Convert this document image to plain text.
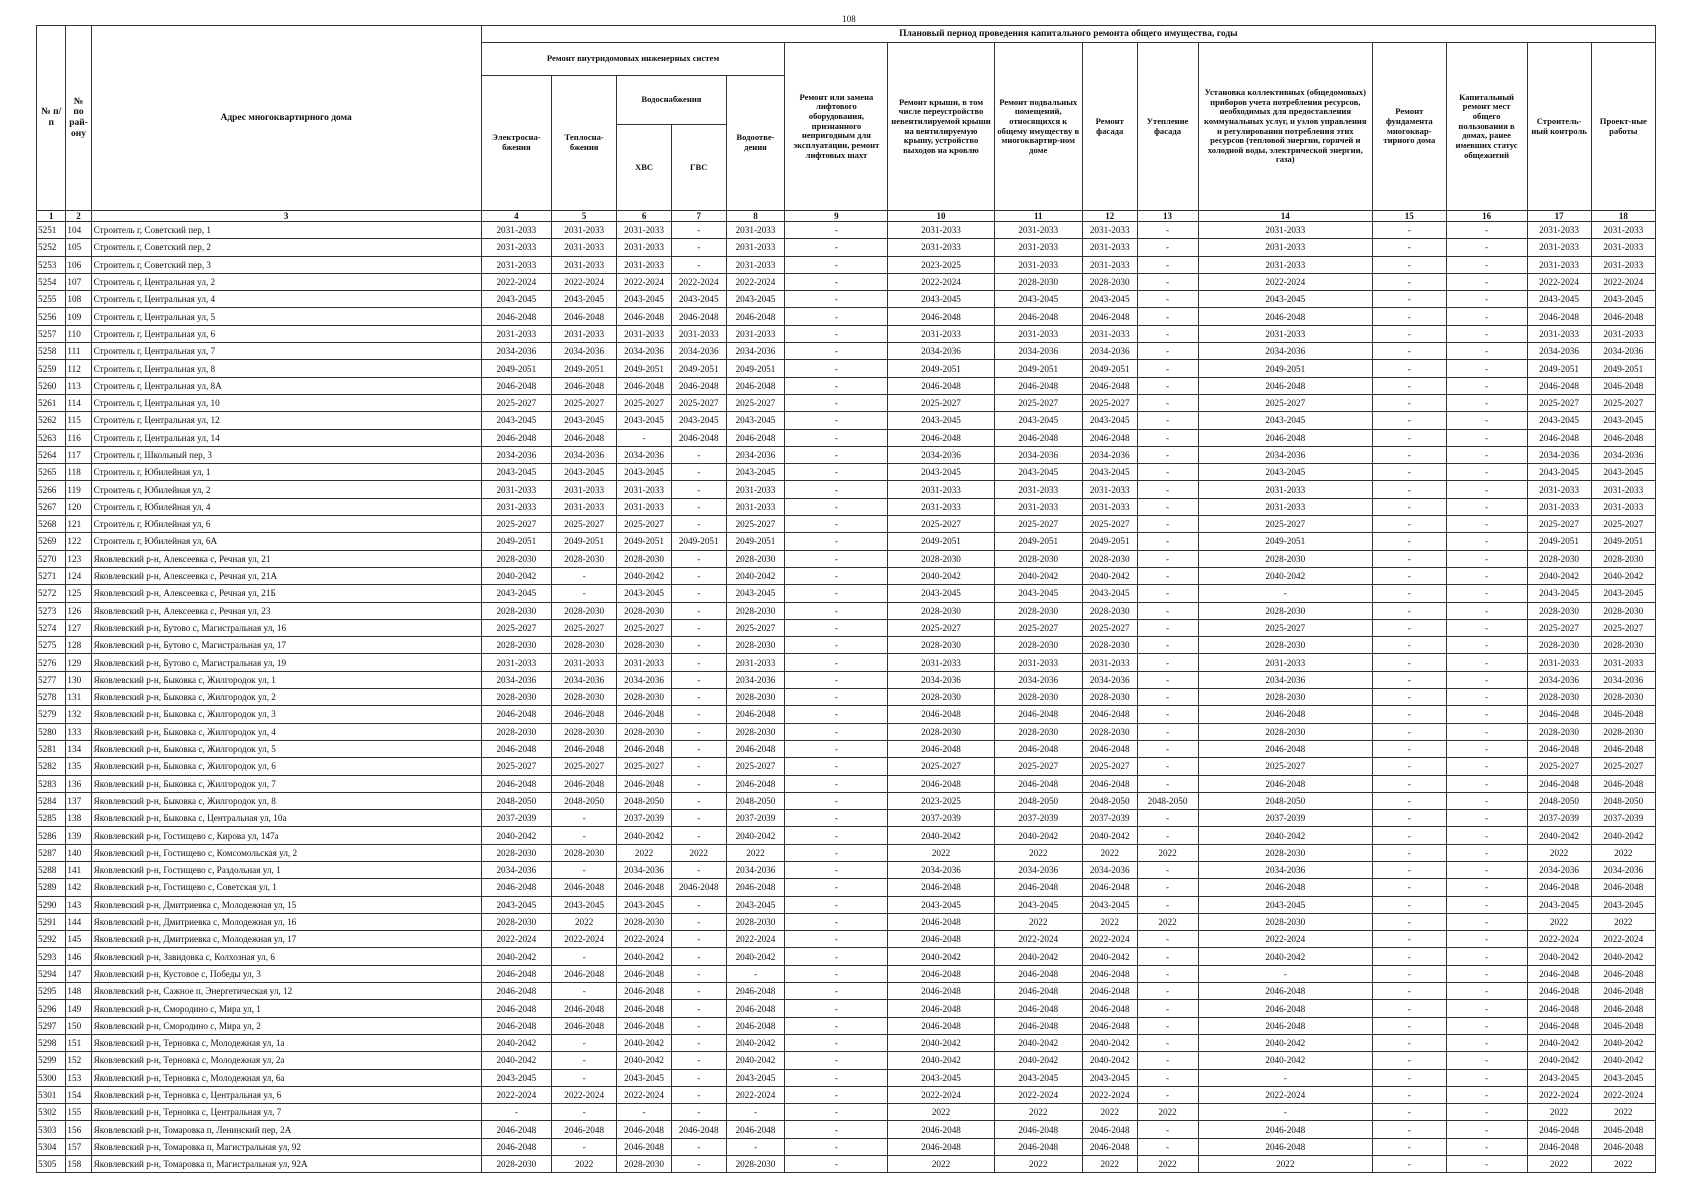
108
№ п/п	№ по рай-ону	Адрес многоквартирного дома	Плановый период проведения капитального ремонта общего имущества, годы														
			Ремонт внутридомовых инженерных систем					Ремонт или замена лифтового оборудования, признанного непригодным для эксплуатации, ремонт лифтовых шахт	Ремонт крыши, в том числе переустройство невентилируемой крыши на вентилируемую крышу, устройство выходов на кровлю	Ремонт подвальных помещений, относящихся к общему имуществу в многоквартир-ном доме	Ремонт фасада	Утепление фасада	Установка коллективных (общедомовых) приборов учета потребления ресурсов, необходимых для предоставления коммунальных услуг, и узлов управления и регулирования потребления этих ресурсов (тепловой энергии, горячей и холодной воды, электрической энергии, газа)	Ремонт фундамента многоквар-тирного дома	Капитальный ремонт мест общего пользования в домах, ранее имевших статус общежитий	Строитель-ный контроль	Проект-ные работы
			Электросна-бжения	Теплосна-бжения	Водоснабжения		Водоотве-дения										
					ХВС	ГВС											
1	2	3	4	5	6	7	8	9	10	11	12	13	14	15	16	17	18
5251	104	Строитель г, Советский пер, 1	2031-2033	2031-2033	2031-2033	-	2031-2033	-	2031-2033	2031-2033	2031-2033	-	2031-2033	-	-	2031-2033	2031-2033
5252	105	Строитель г, Советский пер, 2	2031-2033	2031-2033	2031-2033	-	2031-2033	-	2031-2033	2031-2033	2031-2033	-	2031-2033	-	-	2031-2033	2031-2033
5253	106	Строитель г, Советский пер, 3	2031-2033	2031-2033	2031-2033	-	2031-2033	-	2023-2025	2031-2033	2031-2033	-	2031-2033	-	-	2031-2033	2031-2033
5254	107	Строитель г, Центральная ул, 2	2022-2024	2022-2024	2022-2024	2022-2024	2022-2024	-	2022-2024	2028-2030	2028-2030	-	2022-2024	-	-	2022-2024	2022-2024
5255	108	Строитель г, Центральная ул, 4	2043-2045	2043-2045	2043-2045	2043-2045	2043-2045	-	2043-2045	2043-2045	2043-2045	-	2043-2045	-	-	2043-2045	2043-2045
5256	109	Строитель г, Центральная ул, 5	2046-2048	2046-2048	2046-2048	2046-2048	2046-2048	-	2046-2048	2046-2048	2046-2048	-	2046-2048	-	-	2046-2048	2046-2048
5257	110	Строитель г, Центральная ул, 6	2031-2033	2031-2033	2031-2033	2031-2033	2031-2033	-	2031-2033	2031-2033	2031-2033	-	2031-2033	-	-	2031-2033	2031-2033
5258	111	Строитель г, Центральная ул, 7	2034-2036	2034-2036	2034-2036	2034-2036	2034-2036	-	2034-2036	2034-2036	2034-2036	-	2034-2036	-	-	2034-2036	2034-2036
5259	112	Строитель г, Центральная ул, 8	2049-2051	2049-2051	2049-2051	2049-2051	2049-2051	-	2049-2051	2049-2051	2049-2051	-	2049-2051	-	-	2049-2051	2049-2051
5260	113	Строитель г, Центральная ул, 8А	2046-2048	2046-2048	2046-2048	2046-2048	2046-2048	-	2046-2048	2046-2048	2046-2048	-	2046-2048	-	-	2046-2048	2046-2048
5261	114	Строитель г, Центральная ул, 10	2025-2027	2025-2027	2025-2027	2025-2027	2025-2027	-	2025-2027	2025-2027	2025-2027	-	2025-2027	-	-	2025-2027	2025-2027
5262	115	Строитель г, Центральная ул, 12	2043-2045	2043-2045	2043-2045	2043-2045	2043-2045	-	2043-2045	2043-2045	2043-2045	-	2043-2045	-	-	2043-2045	2043-2045
5263	116	Строитель г, Центральная ул, 14	2046-2048	2046-2048	-	2046-2048	2046-2048	-	2046-2048	2046-2048	2046-2048	-	2046-2048	-	-	2046-2048	2046-2048
5264	117	Строитель г, Школьный пер, 3	2034-2036	2034-2036	2034-2036	-	2034-2036	-	2034-2036	2034-2036	2034-2036	-	2034-2036	-	-	2034-2036	2034-2036
5265	118	Строитель г, Юбилейная ул, 1	2043-2045	2043-2045	2043-2045	-	2043-2045	-	2043-2045	2043-2045	2043-2045	-	2043-2045	-	-	2043-2045	2043-2045
5266	119	Строитель г, Юбилейная ул, 2	2031-2033	2031-2033	2031-2033	-	2031-2033	-	2031-2033	2031-2033	2031-2033	-	2031-2033	-	-	2031-2033	2031-2033
5267	120	Строитель г, Юбилейная ул, 4	2031-2033	2031-2033	2031-2033	-	2031-2033	-	2031-2033	2031-2033	2031-2033	-	2031-2033	-	-	2031-2033	2031-2033
5268	121	Строитель г, Юбилейная ул, 6	2025-2027	2025-2027	2025-2027	-	2025-2027	-	2025-2027	2025-2027	2025-2027	-	2025-2027	-	-	2025-2027	2025-2027
5269	122	Строитель г, Юбилейная ул, 6А	2049-2051	2049-2051	2049-2051	2049-2051	2049-2051	-	2049-2051	2049-2051	2049-2051	-	2049-2051	-	-	2049-2051	2049-2051
5270	123	Яковлевский р-н, Алексеевка с, Речная ул, 21	2028-2030	2028-2030	2028-2030	-	2028-2030	-	2028-2030	2028-2030	2028-2030	-	2028-2030	-	-	2028-2030	2028-2030
5271	124	Яковлевский р-н, Алексеевка с, Речная ул, 21А	2040-2042	-	2040-2042	-	2040-2042	-	2040-2042	2040-2042	2040-2042	-	2040-2042	-	-	2040-2042	2040-2042
5272	125	Яковлевский р-н, Алексеевка с, Речная ул, 21Б	2043-2045	-	2043-2045	-	2043-2045	-	2043-2045	2043-2045	2043-2045	-	-	-	-	2043-2045	2043-2045
5273	126	Яковлевский р-н, Алексеевка с, Речная ул, 23	2028-2030	2028-2030	2028-2030	-	2028-2030	-	2028-2030	2028-2030	2028-2030	-	2028-2030	-	-	2028-2030	2028-2030
5274	127	Яковлевский р-н, Бутово с, Магистральная ул, 16	2025-2027	2025-2027	2025-2027	-	2025-2027	-	2025-2027	2025-2027	2025-2027	-	2025-2027	-	-	2025-2027	2025-2027
5275	128	Яковлевский р-н, Бутово с, Магистральная ул, 17	2028-2030	2028-2030	2028-2030	-	2028-2030	-	2028-2030	2028-2030	2028-2030	-	2028-2030	-	-	2028-2030	2028-2030
5276	129	Яковлевский р-н, Бутово с, Магистральная ул, 19	2031-2033	2031-2033	2031-2033	-	2031-2033	-	2031-2033	2031-2033	2031-2033	-	2031-2033	-	-	2031-2033	2031-2033
5277	130	Яковлевский р-н, Быковка с, Жилгородок ул, 1	2034-2036	2034-2036	2034-2036	-	2034-2036	-	2034-2036	2034-2036	2034-2036	-	2034-2036	-	-	2034-2036	2034-2036
5278	131	Яковлевский р-н, Быковка с, Жилгородок ул, 2	2028-2030	2028-2030	2028-2030	-	2028-2030	-	2028-2030	2028-2030	2028-2030	-	2028-2030	-	-	2028-2030	2028-2030
5279	132	Яковлевский р-н, Быковка с, Жилгородок ул, 3	2046-2048	2046-2048	2046-2048	-	2046-2048	-	2046-2048	2046-2048	2046-2048	-	2046-2048	-	-	2046-2048	2046-2048
5280	133	Яковлевский р-н, Быковка с, Жилгородок ул, 4	2028-2030	2028-2030	2028-2030	-	2028-2030	-	2028-2030	2028-2030	2028-2030	-	2028-2030	-	-	2028-2030	2028-2030
5281	134	Яковлевский р-н, Быковка с, Жилгородок ул, 5	2046-2048	2046-2048	2046-2048	-	2046-2048	-	2046-2048	2046-2048	2046-2048	-	2046-2048	-	-	2046-2048	2046-2048
5282	135	Яковлевский р-н, Быковка с, Жилгородок ул, 6	2025-2027	2025-2027	2025-2027	-	2025-2027	-	2025-2027	2025-2027	2025-2027	-	2025-2027	-	-	2025-2027	2025-2027
5283	136	Яковлевский р-н, Быковка с, Жилгородок ул, 7	2046-2048	2046-2048	2046-2048	-	2046-2048	-	2046-2048	2046-2048	2046-2048	-	2046-2048	-	-	2046-2048	2046-2048
5284	137	Яковлевский р-н, Быковка с, Жилгородок ул, 8	2048-2050	2048-2050	2048-2050	-	2048-2050	-	2023-2025	2048-2050	2048-2050	2048-2050	2048-2050	-	-	2048-2050	2048-2050
5285	138	Яковлевский р-н, Быковка с, Центральная ул, 10а	2037-2039	-	2037-2039	-	2037-2039	-	2037-2039	2037-2039	2037-2039	-	2037-2039	-	-	2037-2039	2037-2039
5286	139	Яковлевский р-н, Гостищево с, Кирова ул, 147а	2040-2042	-	2040-2042	-	2040-2042	-	2040-2042	2040-2042	2040-2042	-	2040-2042	-	-	2040-2042	2040-2042
5287	140	Яковлевский р-н, Гостищево с, Комсомольская ул, 2	2028-2030	2028-2030	2022	2022	2022	-	2022	2022	2022	2022	2028-2030	-	-	2022	2022
5288	141	Яковлевский р-н, Гостищево с, Раздольная ул, 1	2034-2036	-	2034-2036	-	2034-2036	-	2034-2036	2034-2036	2034-2036	-	2034-2036	-	-	2034-2036	2034-2036
5289	142	Яковлевский р-н, Гостищево с, Советская ул, 1	2046-2048	2046-2048	2046-2048	2046-2048	2046-2048	-	2046-2048	2046-2048	2046-2048	-	2046-2048	-	-	2046-2048	2046-2048
5290	143	Яковлевский р-н, Дмитриевка с, Молодежная ул, 15	2043-2045	2043-2045	2043-2045	-	2043-2045	-	2043-2045	2043-2045	2043-2045	-	2043-2045	-	-	2043-2045	2043-2045
5291	144	Яковлевский р-н, Дмитриевка с, Молодежная ул, 16	2028-2030	2022	2028-2030	-	2028-2030	-	2046-2048	2022	2022	2022	2028-2030	-	-	2022	2022
5292	145	Яковлевский р-н, Дмитриевка с, Молодежная ул, 17	2022-2024	2022-2024	2022-2024	-	2022-2024	-	2046-2048	2022-2024	2022-2024	-	2022-2024	-	-	2022-2024	2022-2024
5293	146	Яковлевский р-н, Завидовка с, Колхозная ул, 6	2040-2042	-	2040-2042	-	2040-2042	-	2040-2042	2040-2042	2040-2042	-	2040-2042	-	-	2040-2042	2040-2042
5294	147	Яковлевский р-н, Кустовое с, Победы ул, 3	2046-2048	2046-2048	2046-2048	-	-	-	2046-2048	2046-2048	2046-2048	-	-	-	-	2046-2048	2046-2048
5295	148	Яковлевский р-н, Сажное п, Энергетическая ул, 12	2046-2048	-	2046-2048	-	2046-2048	-	2046-2048	2046-2048	2046-2048	-	2046-2048	-	-	2046-2048	2046-2048
5296	149	Яковлевский р-н, Смородино с, Мира ул, 1	2046-2048	2046-2048	2046-2048	-	2046-2048	-	2046-2048	2046-2048	2046-2048	-	2046-2048	-	-	2046-2048	2046-2048
5297	150	Яковлевский р-н, Смородино с, Мира ул, 2	2046-2048	2046-2048	2046-2048	-	2046-2048	-	2046-2048	2046-2048	2046-2048	-	2046-2048	-	-	2046-2048	2046-2048
5298	151	Яковлевский р-н, Терновка с, Молодежная ул, 1а	2040-2042	-	2040-2042	-	2040-2042	-	2040-2042	2040-2042	2040-2042	-	2040-2042	-	-	2040-2042	2040-2042
5299	152	Яковлевский р-н, Терновка с, Молодежная ул, 2а	2040-2042	-	2040-2042	-	2040-2042	-	2040-2042	2040-2042	2040-2042	-	2040-2042	-	-	2040-2042	2040-2042
5300	153	Яковлевский р-н, Терновка с, Молодежная ул, 6а	2043-2045	-	2043-2045	-	2043-2045	-	2043-2045	2043-2045	2043-2045	-	-	-	-	2043-2045	2043-2045
5301	154	Яковлевский р-н, Терновка с, Центральная ул, 6	2022-2024	2022-2024	2022-2024	-	2022-2024	-	2022-2024	2022-2024	2022-2024	-	2022-2024	-	-	2022-2024	2022-2024
5302	155	Яковлевский р-н, Терновка с, Центральная ул, 7	-	-	-	-	-	-	2022	2022	2022	2022	-	-	-	2022	2022
5303	156	Яковлевский р-н, Томаровка п, Ленинский пер, 2А	2046-2048	2046-2048	2046-2048	2046-2048	2046-2048	-	2046-2048	2046-2048	2046-2048	-	2046-2048	-	-	2046-2048	2046-2048
5304	157	Яковлевский р-н, Томаровка п, Магистральная ул, 92	2046-2048	-	2046-2048	-	-	-	2046-2048	2046-2048	2046-2048	-	2046-2048	-	-	2046-2048	2046-2048
5305	158	Яковлевский р-н, Томаровка п, Магистральная ул, 92А	2028-2030	2022	2028-2030	-	2028-2030	-	2022	2022	2022	2022	2022	-	-	2022	2022
